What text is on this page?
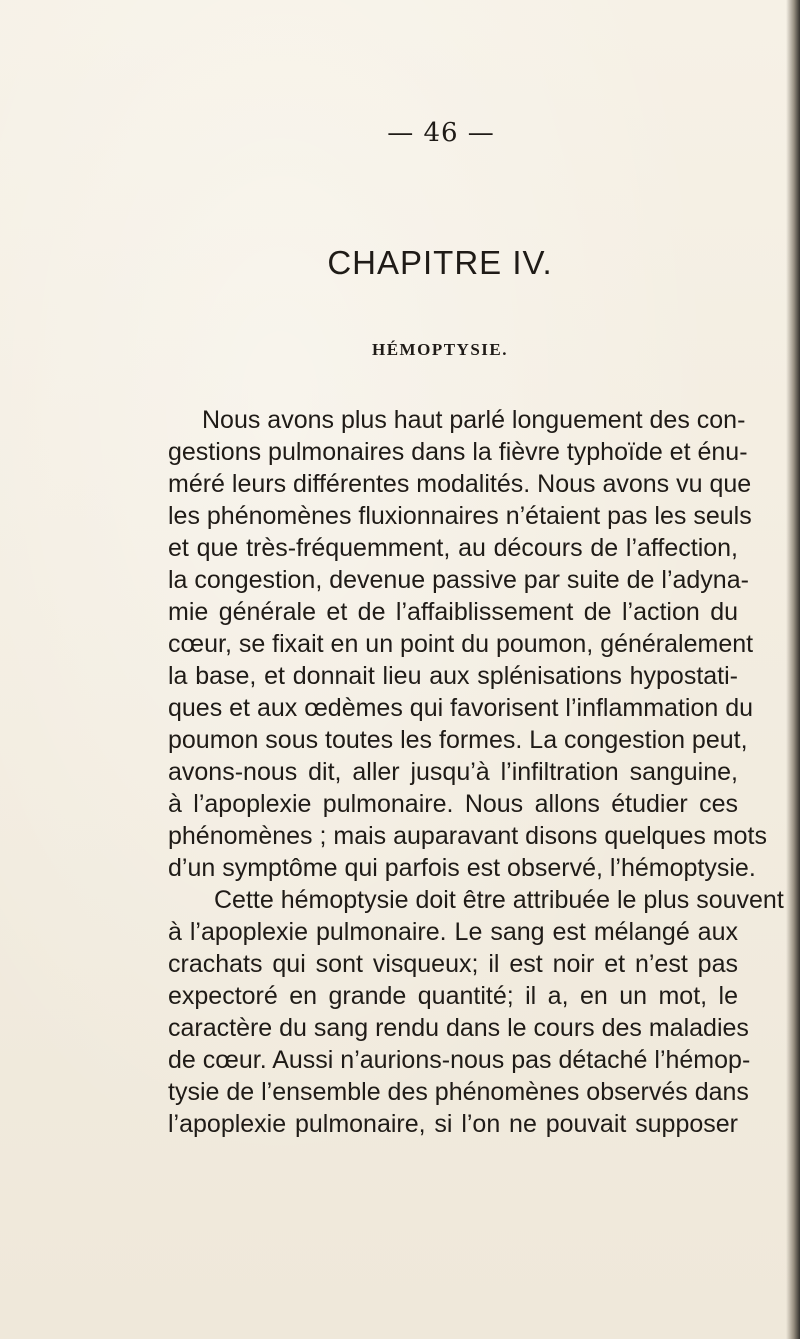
— 46 —
CHAPITRE IV.
HÉMOPTYSIE.
Nous avons plus haut parlé longuement des con-
gestions pulmonaires dans la fièvre typhoïde et énu-
méré leurs différentes modalités. Nous avons vu que
les phénomènes fluxionnaires n’étaient pas les seuls
et que très-fréquemment, au décours de l’affection,
la congestion, devenue passive par suite de l’adyna-
mie générale et de l’affaiblissement de l’action du
cœur, se fixait en un point du poumon, généralement
la base, et donnait lieu aux splénisations hypostati-
ques et aux œdèmes qui favorisent l’inflammation du
poumon sous toutes les formes. La congestion peut,
avons-nous dit, aller jusqu’à l’infiltration sanguine,
à l’apoplexie pulmonaire. Nous allons étudier ces
phénomènes ; mais auparavant disons quelques mots
d’un symptôme qui parfois est observé, l’hémoptysie.
Cette hémoptysie doit être attribuée le plus souvent
à l’apoplexie pulmonaire. Le sang est mélangé aux
crachats qui sont visqueux; il est noir et n’est pas
expectoré en grande quantité; il a, en un mot, le
caractère du sang rendu dans le cours des maladies
de cœur. Aussi n’aurions-nous pas détaché l’hémop-
tysie de l’ensemble des phénomènes observés dans
l’apoplexie pulmonaire, si l’on ne pouvait supposer
